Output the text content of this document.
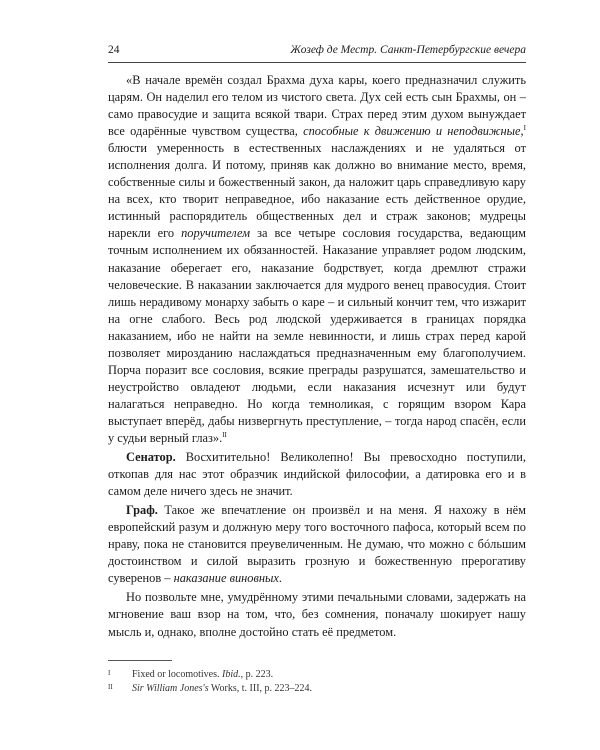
24	Жозеф де Местр. Санкт-Петербургские вечера

«В начале времён создал Брахма духа кары, коего предназначил служить царям. Он наделил его телом из чистого света. Дух сей есть сын Брахмы, он – само правосудие и защита всякой твари. Страх перед этим духом вынуждает все одарённые чувством существа, способные к движению и неподвижные,$^I$ блюсти умеренность в естественных наслаждениях и не удаляться от исполнения долга. И потому, приняв как должно во внимание место, время, собственные силы и божественный закон, да наложит царь справедливую кару на всех, кто творит неправедное, ибо наказание есть действенное орудие, истинный распорядитель общественных дел и страж законов; мудрецы нарекли его поручителем за все четыре сословия государства, ведающим точным исполнением их обязанностей. Наказание управляет родом людским, наказание оберегает его, наказание бодрствует, когда дремлют стражи человеческие. В наказании заключается для мудрого венец правосудия. Стоит лишь нерадивому монарху забыть о каре – и сильный кончит тем, что изжарит на огне слабого. Весь род людской удерживается в границах порядка наказанием, ибо не найти на земле невинности, и лишь страх перед карой позволяет мирозданию наслаждаться предназначенным ему благополучием. Порча поразит все сословия, всякие преграды разрушатся, замешательство и неустройство овладеют людьми, если наказания исчезнут или будут налагаться неправедно. Но когда темноликая, с горящим взором Кара выступает вперёд, дабы низвергнуть преступление, – тогда народ спасён, если у судьи верный глаз».$^{II}$

Сенатор. Восхитительно! Великолепно! Вы превосходно поступили, откопав для нас этот образчик индийской философии, а датировка его и в самом деле ничего здесь не значит.

Граф. Такое же впечатление он произвёл и на меня. Я нахожу в нём европейский разум и должную меру того восточного пафоса, который всем по нраву, пока не становится преувеличенным. Не думаю, что можно с бóльшим достоинством и силой выразить грозную и божественную прерогативу суверенов – наказание виновных.

Но позвольте мне, умудрённому этими печальными словами, задержать на мгновение ваш взор на том, что, без сомнения, поначалу шокирует нашу мысль и, однако, вполне достойно стать её предметом.

I Fixed or locomotives. Ibid., p. 223.
II Sir William Jones's Works, t. III, p. 223–224.
